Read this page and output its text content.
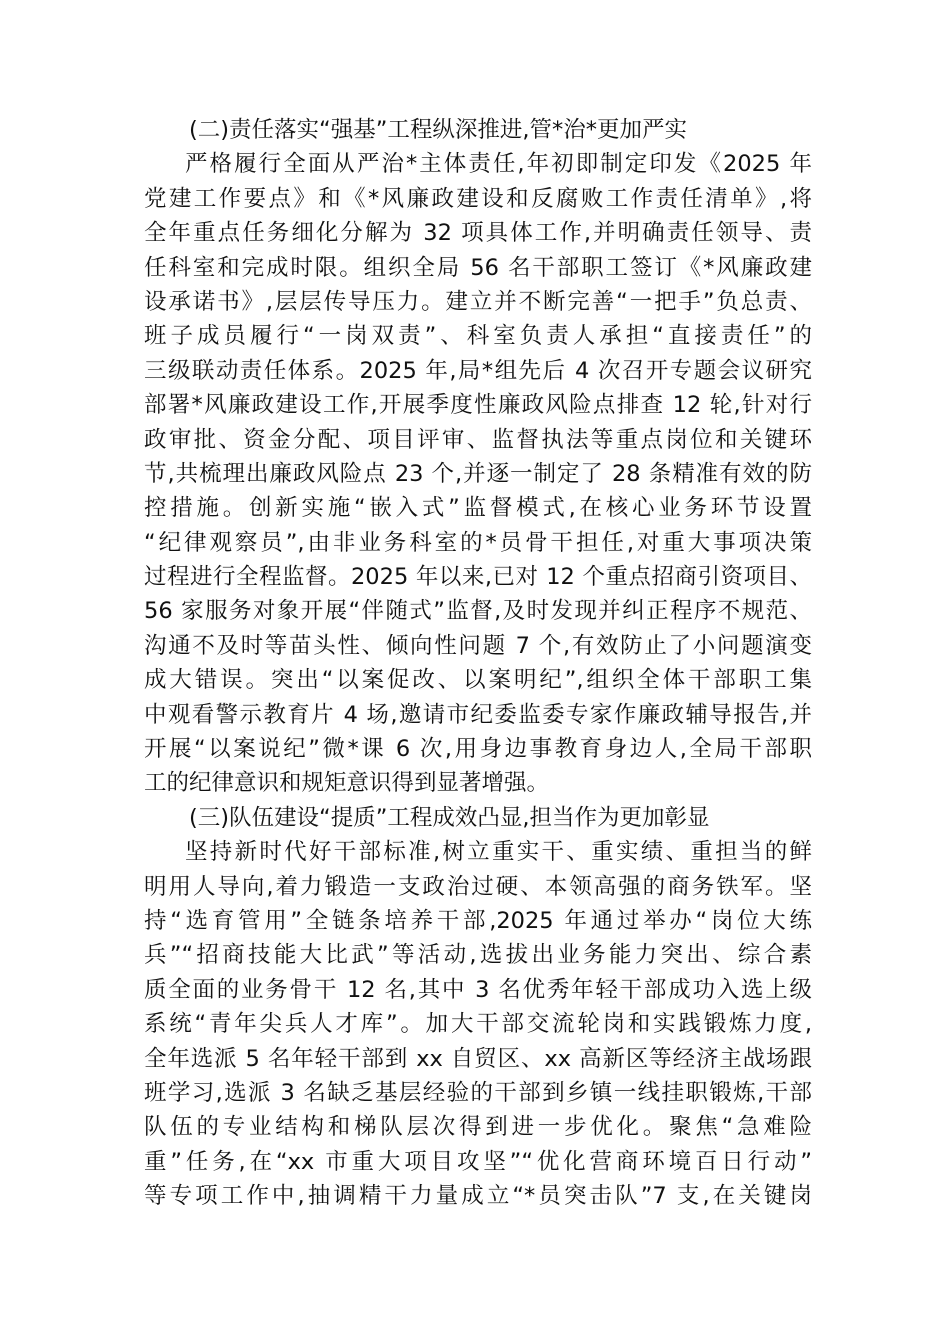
(二)责任落实“强基”工程纵深推进,管*治*更加严实
严格履行全面从严治*主体责任,年初即制定印发《2025 年
党建工作要点》和《*风廉政建设和反腐败工作责任清单》,将
全年重点任务细化分解为 32 项具体工作,并明确责任领导、责
任科室和完成时限。组织全局 56 名干部职工签订《*风廉政建
设承诺书》,层层传导压力。建立并不断完善“一把手”负总责、
班子成员履行“一岗双责”、科室负责人承担“直接责任”的
三级联动责任体系。2025 年,局*组先后 4 次召开专题会议研究
部署*风廉政建设工作,开展季度性廉政风险点排查 12 轮,针对行
政审批、资金分配、项目评审、监督执法等重点岗位和关键环
节,共梳理出廉政风险点 23 个,并逐一制定了 28 条精准有效的防
控措施。创新实施“嵌入式”监督模式,在核心业务环节设置
“纪律观察员”,由非业务科室的*员骨干担任,对重大事项决策
过程进行全程监督。2025 年以来,已对 12 个重点招商引资项目、
56 家服务对象开展“伴随式”监督,及时发现并纠正程序不规范、
沟通不及时等苗头性、倾向性问题 7 个,有效防止了小问题演变
成大错误。突出“以案促改、以案明纪”,组织全体干部职工集
中观看警示教育片 4 场,邀请市纪委监委专家作廉政辅导报告,并
开展“以案说纪”微*课 6 次,用身边事教育身边人,全局干部职
工的纪律意识和规矩意识得到显著增强。
(三)队伍建设“提质”工程成效凸显,担当作为更加彰显
坚持新时代好干部标准,树立重实干、重实绩、重担当的鲜
明用人导向,着力锻造一支政治过硬、本领高强的商务铁军。坚
持“选育管用”全链条培养干部,2025 年通过举办“岗位大练
兵”“招商技能大比武”等活动,选拔出业务能力突出、综合素
质全面的业务骨干 12 名,其中 3 名优秀年轻干部成功入选上级
系统“青年尖兵人才库”。加大干部交流轮岗和实践锻炼力度,
全年选派 5 名年轻干部到 xx 自贸区、xx 高新区等经济主战场跟
班学习,选派 3 名缺乏基层经验的干部到乡镇一线挂职锻炼,干部
队伍的专业结构和梯队层次得到进一步优化。聚焦“急难险
重”任务,在“xx 市重大项目攻坚”“优化营商环境百日行动”
等专项工作中,抽调精干力量成立“*员突击队”7 支,在关键岗
